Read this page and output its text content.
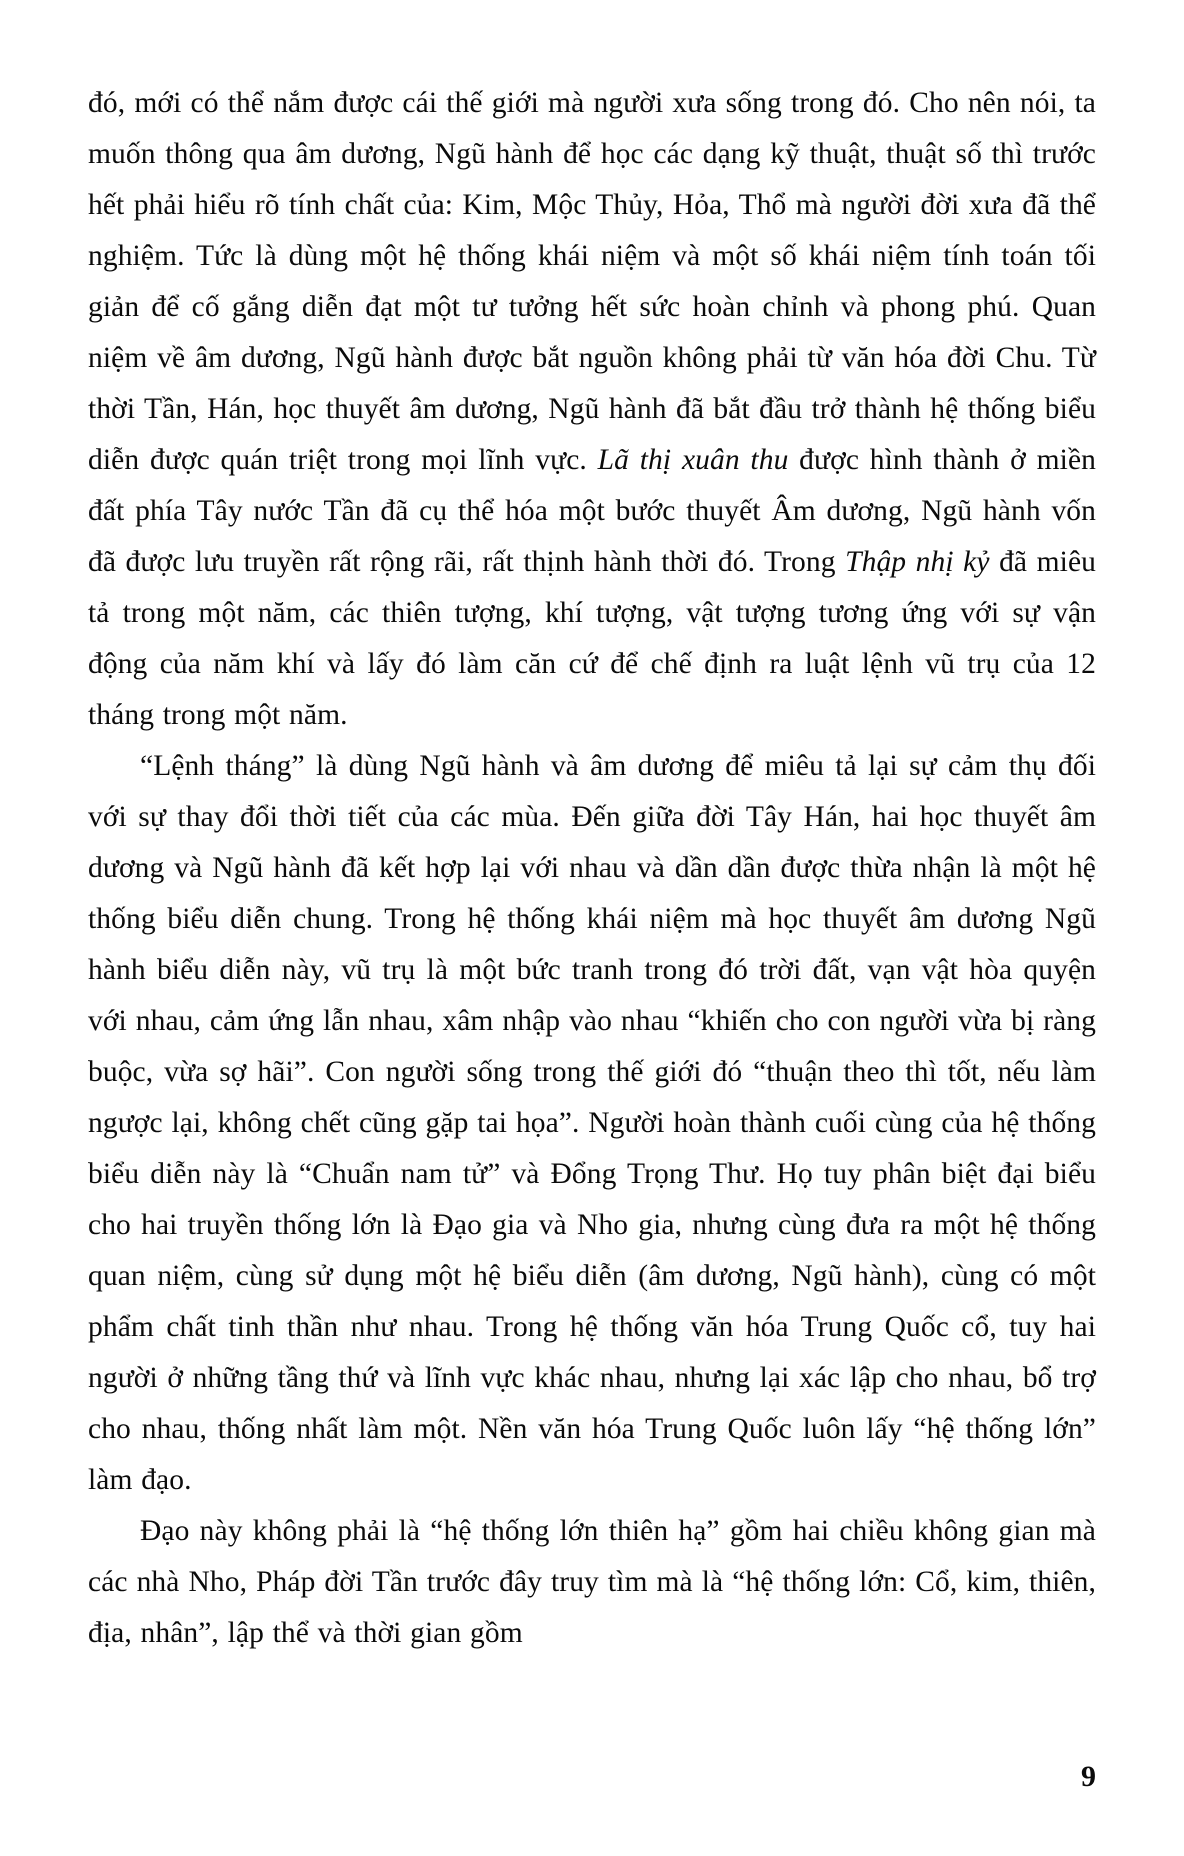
đó, mới có thể nắm được cái thế giới mà người xưa sống trong đó. Cho nên nói, ta muốn thông qua âm dương, Ngũ hành để học các dạng kỹ thuật, thuật số thì trước hết phải hiểu rõ tính chất của: Kim, Mộc Thủy, Hỏa, Thổ mà người đời xưa đã thể nghiệm. Tức là dùng một hệ thống khái niệm và một số khái niệm tính toán tối giản để cố gắng diễn đạt một tư tưởng hết sức hoàn chỉnh và phong phú. Quan niệm về âm dương, Ngũ hành được bắt nguồn không phải từ văn hóa đời Chu. Từ thời Tần, Hán, học thuyết âm dương, Ngũ hành đã bắt đầu trở thành hệ thống biểu diễn được quán triệt trong mọi lĩnh vực. Lã thị xuân thu được hình thành ở miền đất phía Tây nước Tần đã cụ thể hóa một bước thuyết Âm dương, Ngũ hành vốn đã được lưu truyền rất rộng rãi, rất thịnh hành thời đó. Trong Thập nhị kỷ đã miêu tả trong một năm, các thiên tượng, khí tượng, vật tượng tương ứng với sự vận động của năm khí và lấy đó làm căn cứ để chế định ra luật lệnh vũ trụ của 12 tháng trong một năm.

“Lệnh tháng” là dùng Ngũ hành và âm dương để miêu tả lại sự cảm thụ đối với sự thay đổi thời tiết của các mùa. Đến giữa đời Tây Hán, hai học thuyết âm dương và Ngũ hành đã kết hợp lại với nhau và dần dần được thừa nhận là một hệ thống biểu diễn chung. Trong hệ thống khái niệm mà học thuyết âm dương Ngũ hành biểu diễn này, vũ trụ là một bức tranh trong đó trời đất, vạn vật hòa quyện với nhau, cảm ứng lẫn nhau, xâm nhập vào nhau “khiến cho con người vừa bị ràng buộc, vừa sợ hãi”. Con người sống trong thế giới đó “thuận theo thì tốt, nếu làm ngược lại, không chết cũng gặp tai họa”. Người hoàn thành cuối cùng của hệ thống biểu diễn này là “Chuẩn nam tử” và Đổng Trọng Thư. Họ tuy phân biệt đại biểu cho hai truyền thống lớn là Đạo gia và Nho gia, nhưng cùng đưa ra một hệ thống quan niệm, cùng sử dụng một hệ biểu diễn (âm dương, Ngũ hành), cùng có một phẩm chất tinh thần như nhau. Trong hệ thống văn hóa Trung Quốc cổ, tuy hai người ở những tầng thứ và lĩnh vực khác nhau, nhưng lại xác lập cho nhau, bổ trợ cho nhau, thống nhất làm một. Nền văn hóa Trung Quốc luôn lấy “hệ thống lớn” làm đạo.

Đạo này không phải là “hệ thống lớn thiên hạ” gồm hai chiều không gian mà các nhà Nho, Pháp đời Tần trước đây truy tìm mà là “hệ thống lớn: Cổ, kim, thiên, địa, nhân”, lập thể và thời gian gồm

9
